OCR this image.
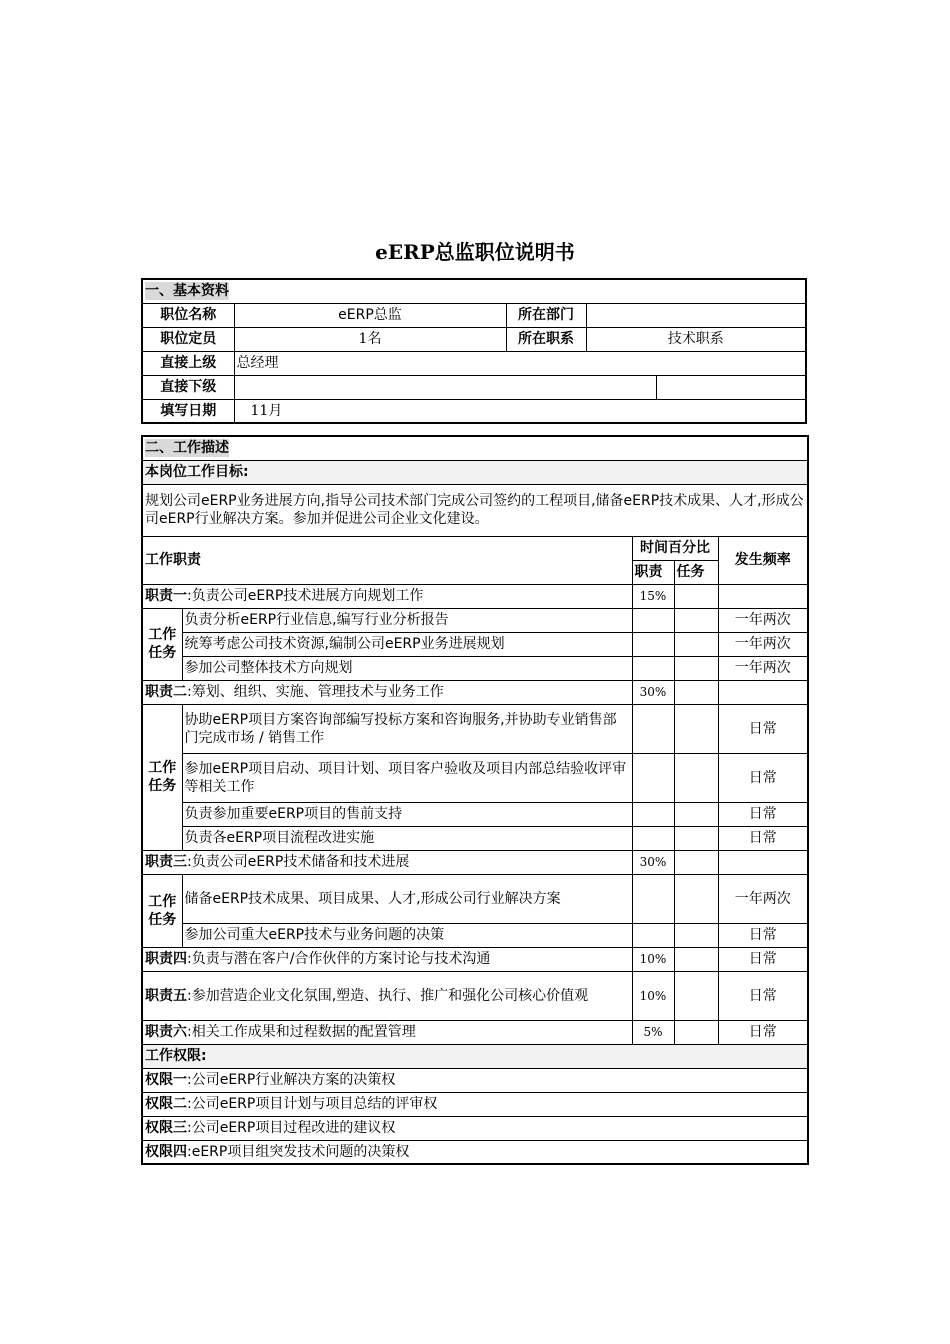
eERP总监职位说明书
一、基本资料				
职位名称	eERP总监	所在部门		
职位定员	1名	所在职系	技术职系	
直接上级	总经理			
直接下级				
填写日期	11月			
二、工作描述				
本岗位工作目标:				
规划公司eERP业务进展方向,指导公司技术部门完成公司签约的工程项目,储备eERP技术成果、人才,形成公司eERP行业解决方案。参加并促进公司企业文化建设。				
工作职责		时间百分比		发生频率
		职责	任务	
职责一:负责公司eERP技术进展方向规划工作		15%		
工作
任务	负责分析eERP行业信息,编写行业分析报告			一年两次
	统筹考虑公司技术资源,编制公司eERP业务进展规划			一年两次
	参加公司整体技术方向规划			一年两次
职责二:筹划、组织、实施、管理技术与业务工作		30%		
工作
任务	协助eERP项目方案咨询部编写投标方案和咨询服务,并协助专业销售部门完成市场 / 销售工作			日常
	参加eERP项目启动、项目计划、项目客户验收及项目内部总结验收评审等相关工作			日常
	负责参加重要eERP项目的售前支持			日常
	负责各eERP项目流程改进实施			日常
职责三:负责公司eERP技术储备和技术进展		30%		
工作
任务	储备eERP技术成果、项目成果、人才,形成公司行业解决方案			一年两次
	参加公司重大eERP技术与业务问题的决策			日常
职责四:负责与潜在客户/合作伙伴的方案讨论与技术沟通		10%		日常
职责五:参加营造企业文化氛围,塑造、执行、推广和强化公司核心价值观		10%		日常
职责六:相关工作成果和过程数据的配置管理		5%		日常
工作权限:				
权限一:公司eERP行业解决方案的决策权				
权限二:公司eERP项目计划与项目总结的评审权				
权限三:公司eERP项目过程改进的建议权				
权限四:eERP项目组突发技术问题的决策权				
